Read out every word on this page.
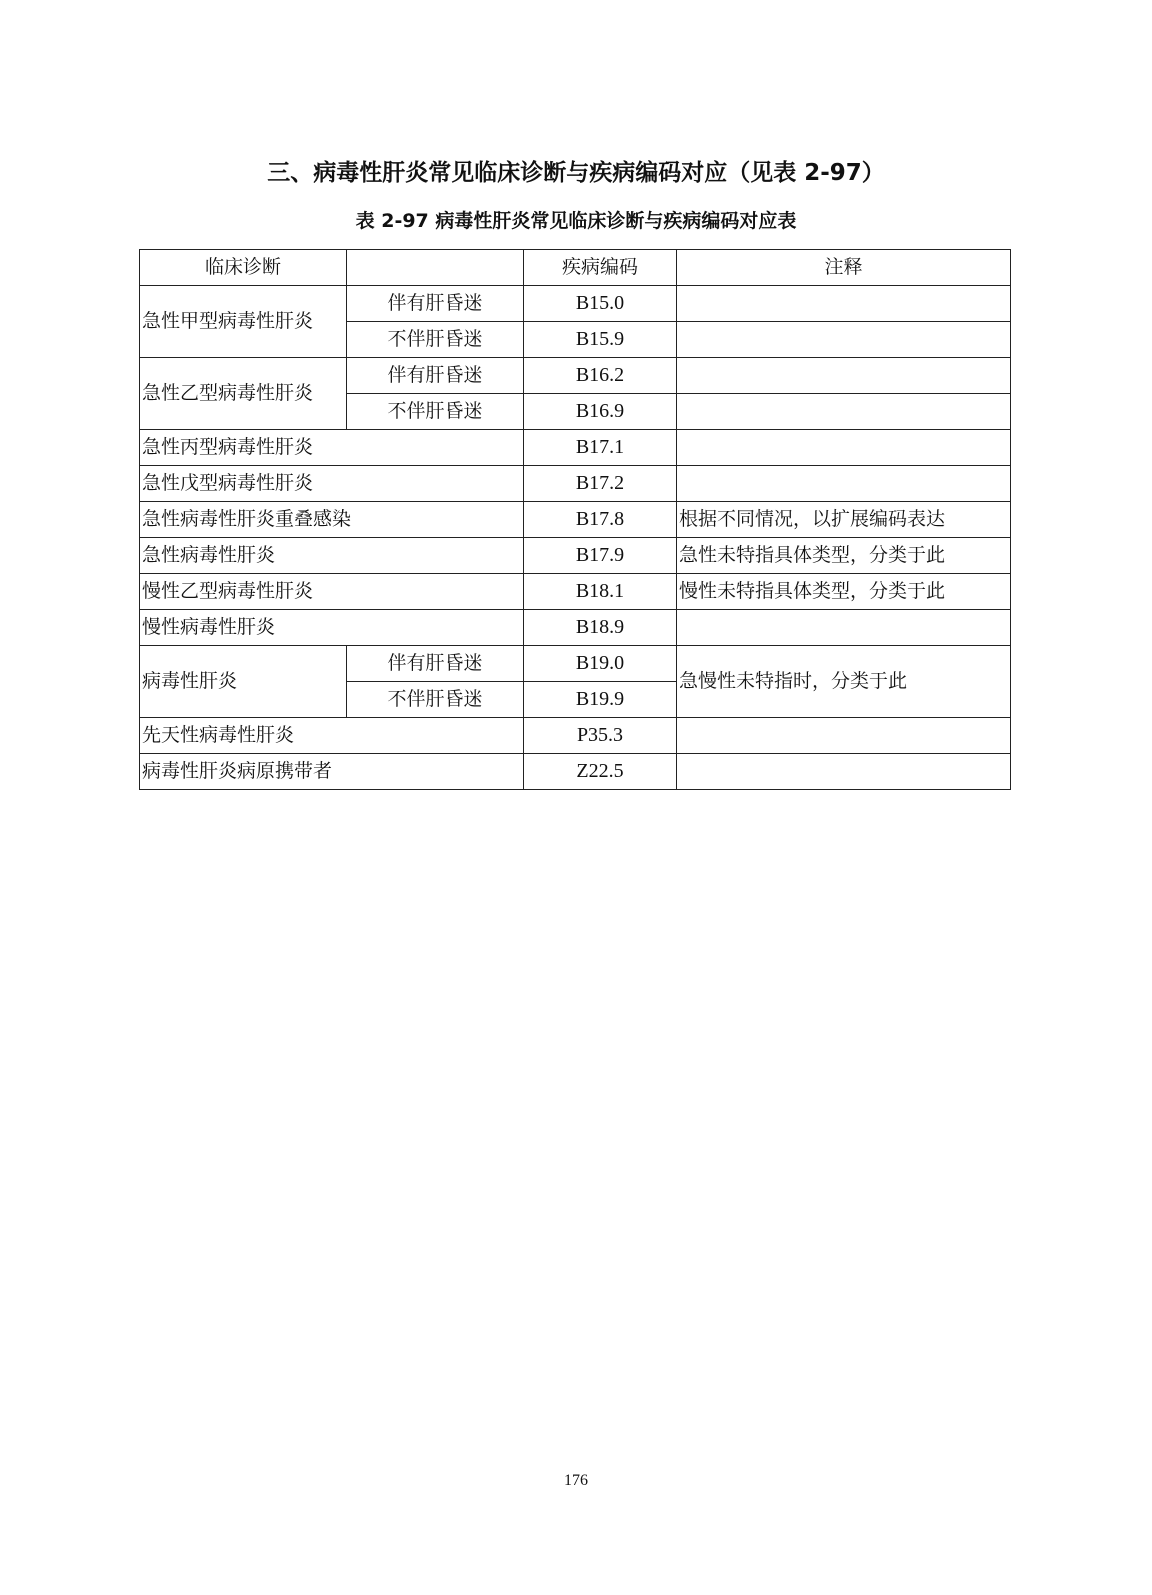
三、病毒性肝炎常见临床诊断与疾病编码对应（见表 2-97）
表 2-97 病毒性肝炎常见临床诊断与疾病编码对应表
临床诊断		疾病编码	注释
急性甲型病毒性肝炎	伴有肝昏迷	B15.0	
	不伴肝昏迷	B15.9	
急性乙型病毒性肝炎	伴有肝昏迷	B16.2	
	不伴肝昏迷	B16.9	
急性丙型病毒性肝炎		B17.1	
急性戊型病毒性肝炎		B17.2	
急性病毒性肝炎重叠感染		B17.8	根据不同情况，以扩展编码表达
急性病毒性肝炎		B17.9	急性未特指具体类型，分类于此
慢性乙型病毒性肝炎		B18.1	慢性未特指具体类型，分类于此
慢性病毒性肝炎		B18.9	
病毒性肝炎	伴有肝昏迷	B19.0	急慢性未特指时，分类于此
	不伴肝昏迷	B19.9	
先天性病毒性肝炎		P35.3	
病毒性肝炎病原携带者		Z22.5	
176
